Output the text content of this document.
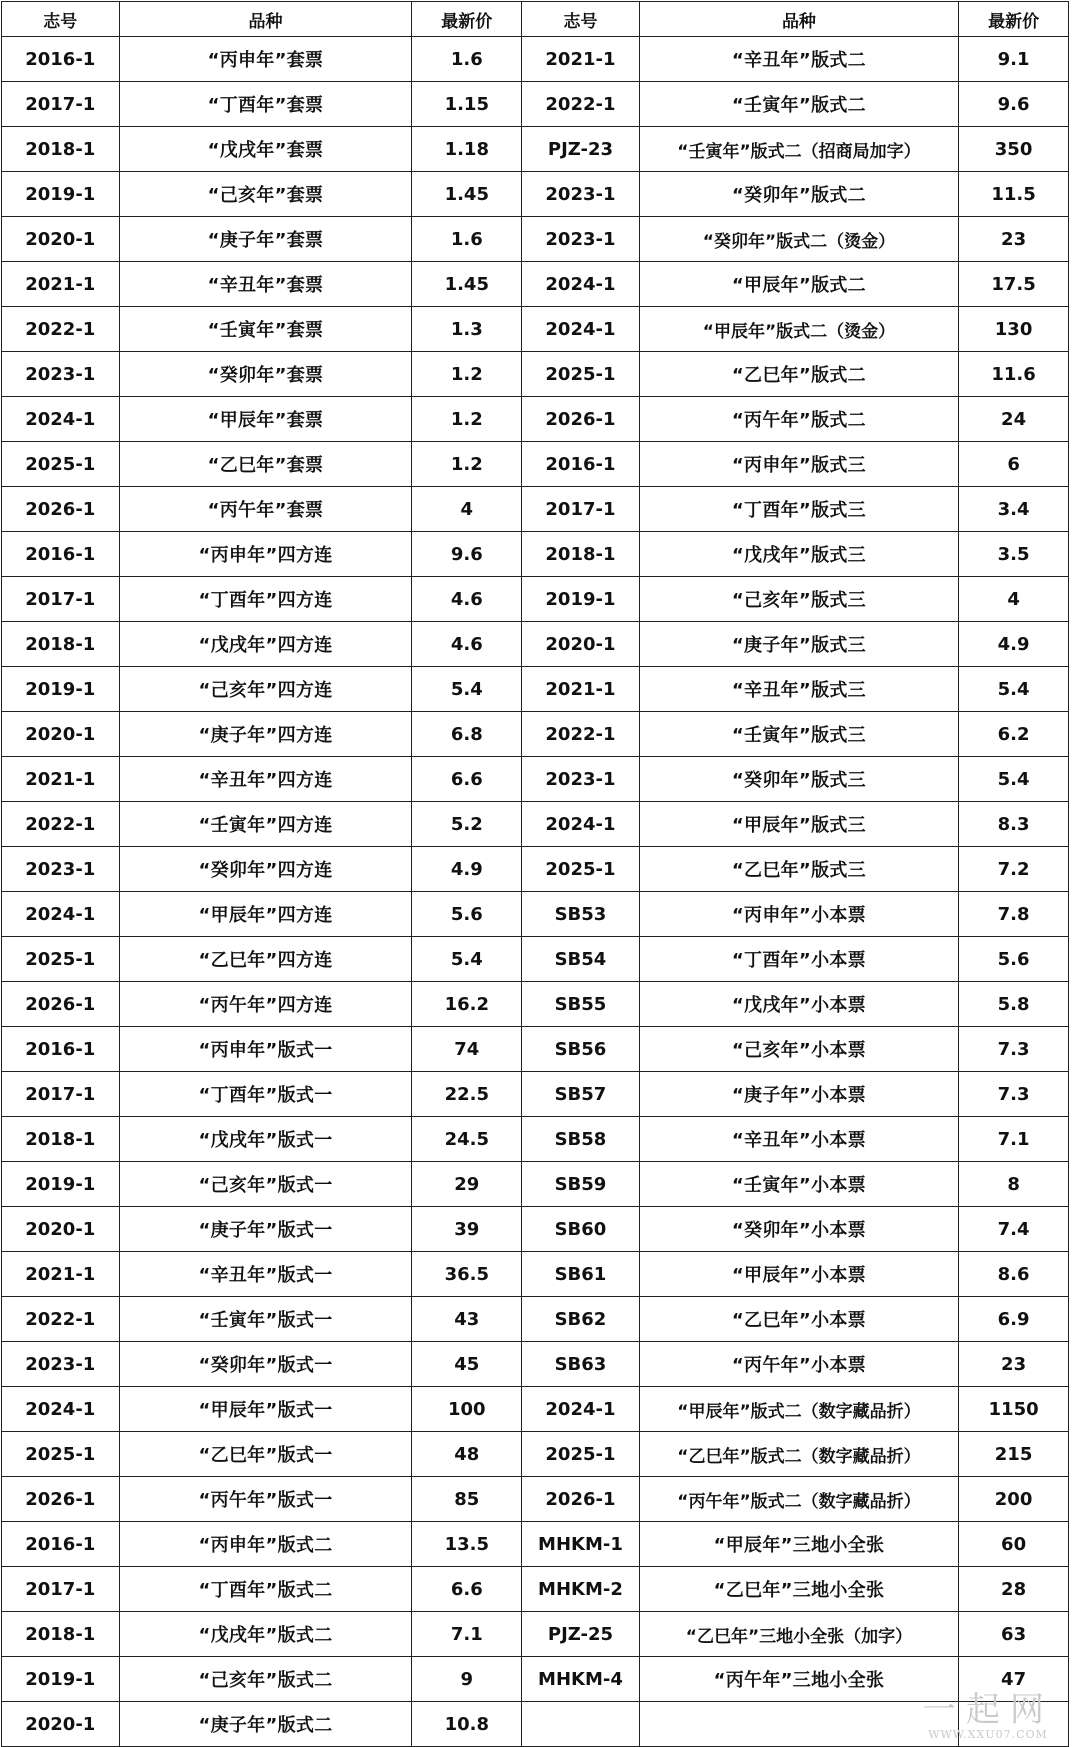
志号	品种	最新价	志号	品种	最新价
2016-1	“丙申年”套票	1.6	2021-1	“辛丑年”版式二	9.1
2017-1	“丁酉年”套票	1.15	2022-1	“壬寅年”版式二	9.6
2018-1	“戊戌年”套票	1.18	PJZ-23	“壬寅年”版式二（招商局加字）	350
2019-1	“己亥年”套票	1.45	2023-1	“癸卯年”版式二	11.5
2020-1	“庚子年”套票	1.6	2023-1	“癸卯年”版式二（烫金）	23
2021-1	“辛丑年”套票	1.45	2024-1	“甲辰年”版式二	17.5
2022-1	“壬寅年”套票	1.3	2024-1	“甲辰年”版式二（烫金）	130
2023-1	“癸卯年”套票	1.2	2025-1	“乙巳年”版式二	11.6
2024-1	“甲辰年”套票	1.2	2026-1	“丙午年”版式二	24
2025-1	“乙巳年”套票	1.2	2016-1	“丙申年”版式三	6
2026-1	“丙午年”套票	4	2017-1	“丁酉年”版式三	3.4
2016-1	“丙申年”四方连	9.6	2018-1	“戊戌年”版式三	3.5
2017-1	“丁酉年”四方连	4.6	2019-1	“己亥年”版式三	4
2018-1	“戊戌年”四方连	4.6	2020-1	“庚子年”版式三	4.9
2019-1	“己亥年”四方连	5.4	2021-1	“辛丑年”版式三	5.4
2020-1	“庚子年”四方连	6.8	2022-1	“壬寅年”版式三	6.2
2021-1	“辛丑年”四方连	6.6	2023-1	“癸卯年”版式三	5.4
2022-1	“壬寅年”四方连	5.2	2024-1	“甲辰年”版式三	8.3
2023-1	“癸卯年”四方连	4.9	2025-1	“乙巳年”版式三	7.2
2024-1	“甲辰年”四方连	5.6	SB53	“丙申年”小本票	7.8
2025-1	“乙巳年”四方连	5.4	SB54	“丁酉年”小本票	5.6
2026-1	“丙午年”四方连	16.2	SB55	“戊戌年”小本票	5.8
2016-1	“丙申年”版式一	74	SB56	“己亥年”小本票	7.3
2017-1	“丁酉年”版式一	22.5	SB57	“庚子年”小本票	7.3
2018-1	“戊戌年”版式一	24.5	SB58	“辛丑年”小本票	7.1
2019-1	“己亥年”版式一	29	SB59	“壬寅年”小本票	8
2020-1	“庚子年”版式一	39	SB60	“癸卯年”小本票	7.4
2021-1	“辛丑年”版式一	36.5	SB61	“甲辰年”小本票	8.6
2022-1	“壬寅年”版式一	43	SB62	“乙巳年”小本票	6.9
2023-1	“癸卯年”版式一	45	SB63	“丙午年”小本票	23
2024-1	“甲辰年”版式一	100	2024-1	“甲辰年”版式二（数字藏品折）	1150
2025-1	“乙巳年”版式一	48	2025-1	“乙巳年”版式二（数字藏品折）	215
2026-1	“丙午年”版式一	85	2026-1	“丙午年”版式二（数字藏品折）	200
2016-1	“丙申年”版式二	13.5	MHKM-1	“甲辰年”三地小全张	60
2017-1	“丁酉年”版式二	6.6	MHKM-2	“乙巳年”三地小全张	28
2018-1	“戊戌年”版式二	7.1	PJZ-25	“乙巳年”三地小全张（加字）	63
2019-1	“己亥年”版式二	9	MHKM-4	“丙午年”三地小全张	47
2020-1	“庚子年”版式二	10.8				一起网
WWW.XXU07.COM
